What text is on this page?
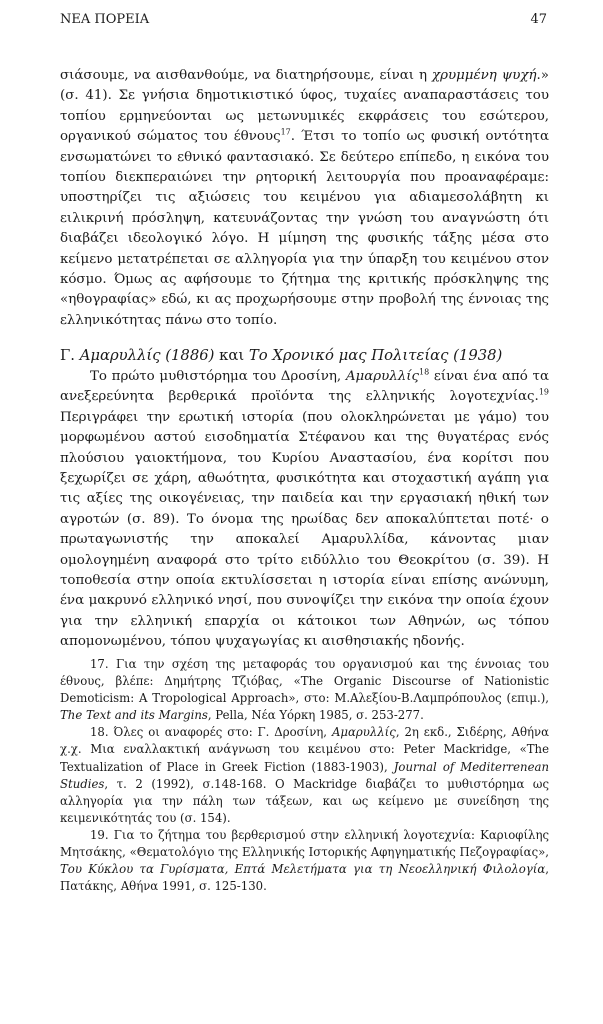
ΝΕΑ ΠΟΡΕΙΑ	47

σιάσουμε, να αισθανθούμε, να διατηρήσουμε, είναι η χρυμμένη ψυχή.» (σ. 41). Σε γνήσια δημοτικιστικό ύφος, τυχαίες αναπαραστάσεις του τοπίου ερμηνεύονται ως μετωνυμικές εκφράσεις του εσώτερου, οργανικού σώματος του έθνους$^{17}$. Έτσι το τοπίο ως φυσική οντότητα ενσωματώνει το εθνικό φαντασιακό. Σε δεύτερο επίπεδο, η εικόνα του τοπίου διεκπεραιώνει την ρητορική λειτουργία που προαναφέραμε: υποστηρίζει τις αξιώσεις του κειμένου για αδιαμεσολάβητη κι ειλικρινή πρόσληψη, κατευνάζοντας την γνώση του αναγνώστη ότι διαβάζει ιδεολογικό λόγο. Η μίμηση της φυσικής τάξης μέσα στο κείμενο μετατρέπεται σε αλληγορία για την ύπαρξη του κειμένου στον κόσμο. Όμως ας αφήσουμε το ζήτημα της κριτικής πρόσκληψης της «ηθογραφίας» εδώ, κι ας προχωρήσουμε στην προβολή της έννοιας της ελληνικότητας πάνω στο τοπίο.

Γ. Αμαρυλλίς (1886) και Το Χρονικό μας Πολιτείας (1938)

Το πρώτο μυθιστόρημα του Δροσίνη, Αμαρυλλίς$^{18}$ είναι ένα από τα ανεξερεύνητα βερθερικά προϊόντα της ελληνικής λογοτεχνίας.$^{19}$ Περιγράφει την ερωτική ιστορία (που ολοκληρώνεται με γάμο) του μορφωμένου αστού εισοδηματία Στέφανου και της θυγατέρας ενός πλούσιου γαιοκτήμονα, του Κυρίου Αναστασίου, ένα κορίτσι που ξεχωρίζει σε χάρη, αθωότητα, φυσικότητα και στοχαστική αγάπη για τις αξίες της οικογένειας, την παιδεία και την εργασιακή ηθική των αγροτών (σ. 89). Το όνομα της ηρωίδας δεν αποκαλύπτεται ποτέ· ο πρωταγωνιστής την αποκαλεί Αμαρυλλίδα, κάνοντας μιαν ομολογημένη αναφορά στο τρίτο ειδύλλιο του Θεοκρίτου (σ. 39). Η τοποθεσία στην οποία εκτυλίσσεται η ιστορία είναι επίσης ανώνυμη, ένα μακρυνό ελληνικό νησί, που συνοψίζει την εικόνα την οποία έχουν για την ελληνική επαρχία οι κάτοικοι των Αθηνών, ως τόπου απομονωμένου, τόπου ψυχαγωγίας κι αισθησιακής ηδονής.

17. Για την σχέση της μεταφοράς του οργανισμού και της έννοιας του έθνους, βλέπε: Δημήτρης Τζιόβας, «The Organic Discourse of Nationistic Demoticism: A Tropological Approach», στο: Μ.Αλεξίου-Β.Λαμπρόπουλος (επιμ.), The Text and its Margins, Pella, Νέα Υόρκη 1985, σ. 253-277.

18. Όλες οι αναφορές στο: Γ. Δροσίνη, Αμαρυλλίς, 2η εκδ., Σιδέρης, Αθήνα χ.χ. Μια εναλλακτική ανάγνωση του κειμένου στο: Peter Mackridge, «The Textualization of Place in Greek Fiction (1883-1903), Journal of Mediterrenean Studies, τ. 2 (1992), σ.148-168. Ο Mackridge διαβάζει το μυθιστόρημα ως αλληγορία για την πάλη των τάξεων, και ως κείμενο με συνείδηση της κειμενικότητάς του (σ. 154).

19. Για το ζήτημα του βερθερισμού στην ελληνική λογοτεχνία: Καριοφίλης Μητσάκης, «Θεματολόγιο της Ελληνικής Ιστορικής Αφηγηματικής Πεζογραφίας», Του Κύκλου τα Γυρίσματα, Επτά Μελετήματα για τη Νεοελληνική Φιλολογία, Πατάκης, Αθήνα 1991, σ. 125-130.
